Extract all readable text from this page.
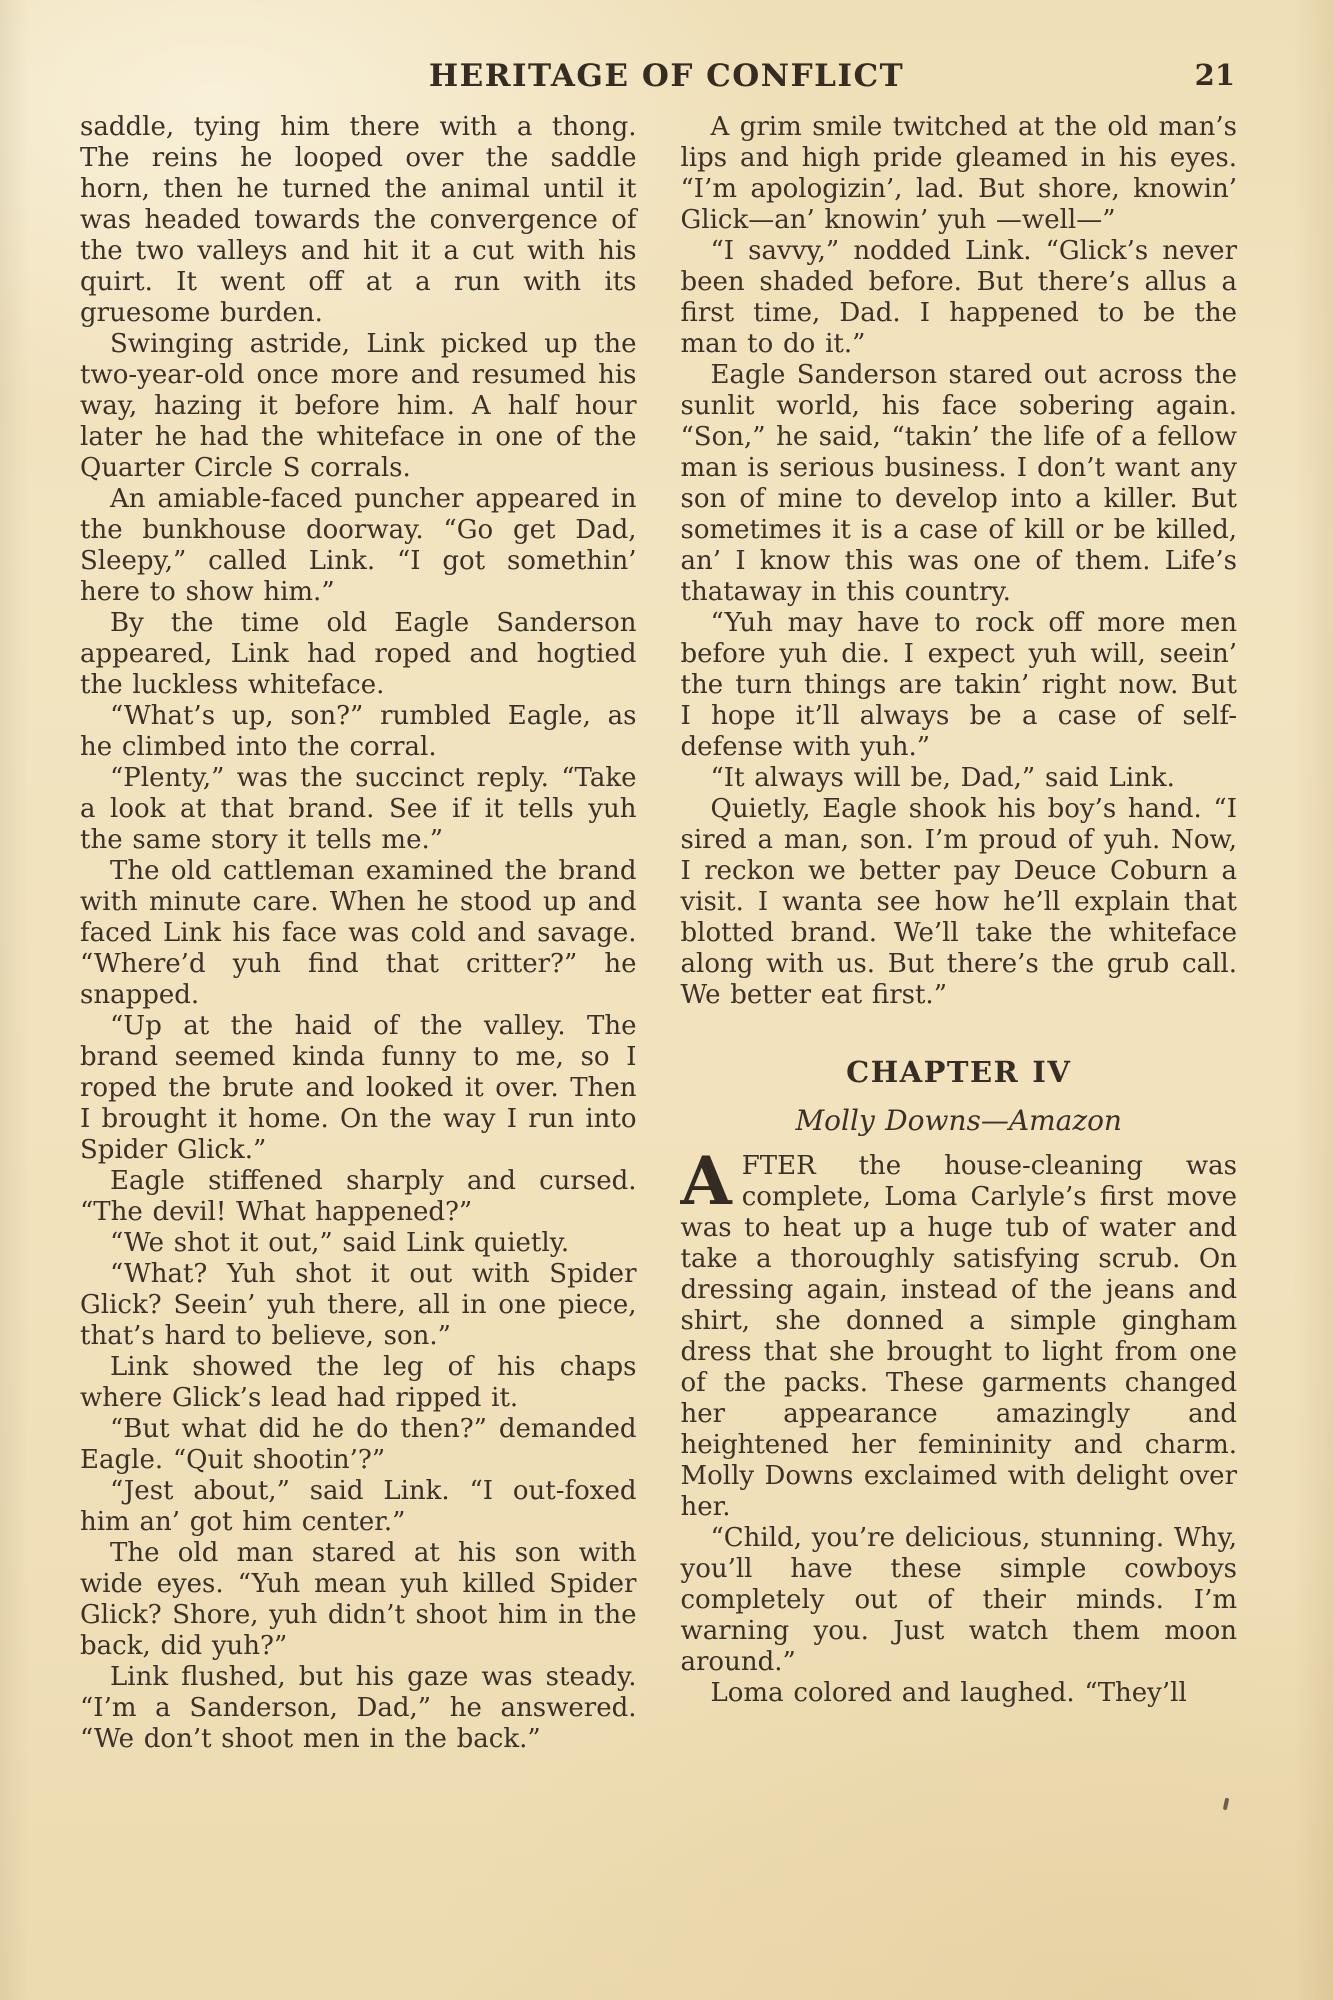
HERITAGE OF CONFLICT	21

saddle, tying him there with a thong. The reins he looped over the saddle horn, then he turned the animal until it was headed towards the convergence of the two valleys and hit it a cut with his quirt. It went off at a run with its gruesome burden.

Swinging astride, Link picked up the two-year-old once more and resumed his way, hazing it before him. A half hour later he had the whiteface in one of the Quarter Circle S corrals.

An amiable-faced puncher appeared in the bunkhouse doorway. “Go get Dad, Sleepy,” called Link. “I got somethin’ here to show him.”

By the time old Eagle Sanderson appeared, Link had roped and hogtied the luckless whiteface.

“What’s up, son?” rumbled Eagle, as he climbed into the corral.

“Plenty,” was the succinct reply. “Take a look at that brand. See if it tells yuh the same story it tells me.”

The old cattleman examined the brand with minute care. When he stood up and faced Link his face was cold and savage. “Where’d yuh find that critter?” he snapped.

“Up at the haid of the valley. The brand seemed kinda funny to me, so I roped the brute and looked it over. Then I brought it home. On the way I run into Spider Glick.”

Eagle stiffened sharply and cursed. “The devil! What happened?”

“We shot it out,” said Link quietly.

“What? Yuh shot it out with Spider Glick? Seein’ yuh there, all in one piece, that’s hard to believe, son.”

Link showed the leg of his chaps where Glick’s lead had ripped it.

“But what did he do then?” demanded Eagle. “Quit shootin’?”

“Jest about,” said Link. “I out-foxed him an’ got him center.”

The old man stared at his son with wide eyes. “Yuh mean yuh killed Spider Glick? Shore, yuh didn’t shoot him in the back, did yuh?”

Link flushed, but his gaze was steady. “I’m a Sanderson, Dad,” he answered. “We don’t shoot men in the back.”

A grim smile twitched at the old man’s lips and high pride gleamed in his eyes. “I’m apologizin’, lad. But shore, knowin’ Glick—an’ knowin’ yuh —well—”

“I savvy,” nodded Link. “Glick’s never been shaded before. But there’s allus a first time, Dad. I happened to be the man to do it.”

Eagle Sanderson stared out across the sunlit world, his face sobering again. “Son,” he said, “takin’ the life of a fellow man is serious business. I don’t want any son of mine to develop into a killer. But sometimes it is a case of kill or be killed, an’ I know this was one of them. Life’s thataway in this country.

“Yuh may have to rock off more men before yuh die. I expect yuh will, seein’ the turn things are takin’ right now. But I hope it’ll always be a case of self-defense with yuh.”

“It always will be, Dad,” said Link.

Quietly, Eagle shook his boy’s hand. “I sired a man, son. I’m proud of yuh. Now, I reckon we better pay Deuce Coburn a visit. I wanta see how he’ll explain that blotted brand. We’ll take the whiteface along with us. But there’s the grub call. We better eat first.”

CHAPTER IV
Molly Downs—Amazon

AFTER the house-cleaning was complete, Loma Carlyle’s first move was to heat up a huge tub of water and take a thoroughly satisfying scrub. On dressing again, instead of the jeans and shirt, she donned a simple gingham dress that she brought to light from one of the packs. These garments changed her appearance amazingly and heightened her femininity and charm. Molly Downs exclaimed with delight over her.

“Child, you’re delicious, stunning. Why, you’ll have these simple cowboys completely out of their minds. I’m warning you. Just watch them moon around.”

Loma colored and laughed. “They’ll
